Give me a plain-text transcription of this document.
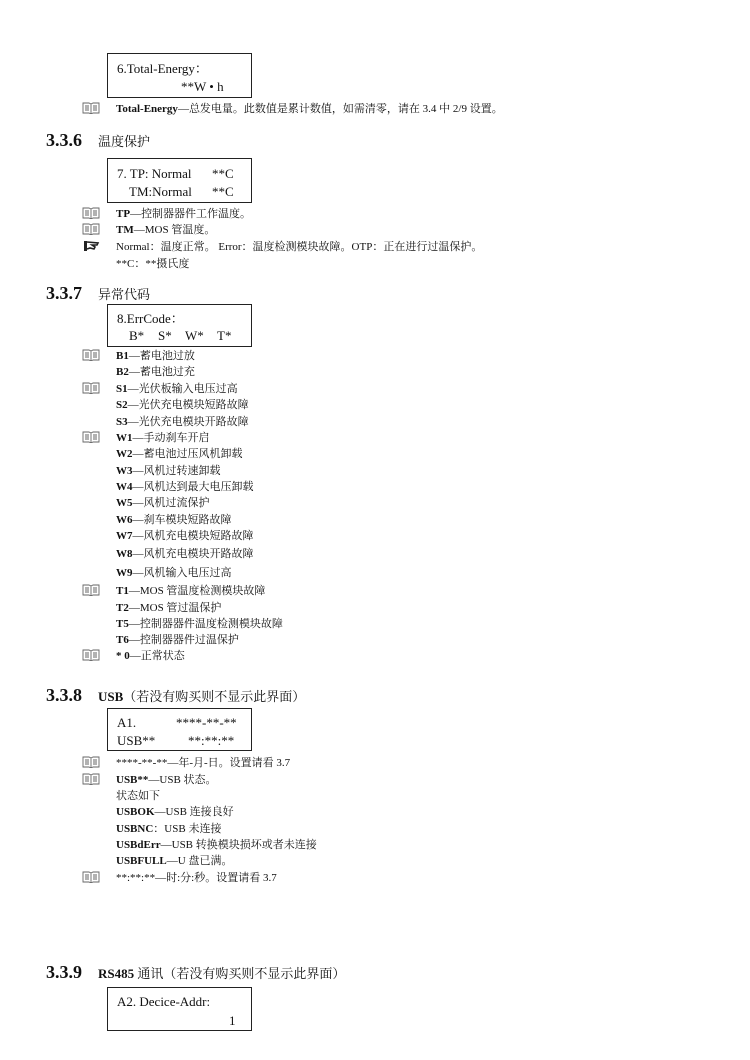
6.Total-Energy：
**W • h
Total-Energy—总发电量。此数值是累计数值，如需清零，请在 3.4 中 2/9 设置。
3.3.6 温度保护
7. TP: Normal **C
TM:Normal **C
TP—控制器器件工作温度。
TM—MOS 管温度。
Normal：温度正常。 Error：温度检测模块故障。OTP：正在进行过温保护。
**C：**摄氏度
3.3.7 异常代码
8.ErrCode：
B* S* W* T*
B1—蓄电池过放
B2—蓄电池过充
S1—光伏板输入电压过高
S2—光伏充电模块短路故障
S3—光伏充电模块开路故障
W1—手动刹车开启
W2—蓄电池过压风机卸载
W3—风机过转速卸载
W4—风机达到最大电压卸载
W5—风机过流保护
W6—刹车模块短路故障
W7—风机充电模块短路故障
W8—风机充电模块开路故障
W9—风机输入电压过高
T1—MOS 管温度检测模块故障
T2—MOS 管过温保护
T5—控制器器件温度检测模块故障
T6—控制器器件过温保护
* 0—正常状态
3.3.8 USB（若没有购买则不显示此界面）
A1.	****-**-**
USB**	**:**:**
****-**-**—年-月-日。设置请看 3.7
USB**—USB 状态。
状态如下
USBOK—USB 连接良好
USBNC：USB 未连接
USBdErr—USB 转换模块损坏或者未连接
USBFULL—U 盘已满。
**:**:**—时:分:秒。设置请看 3.7
3.3.9 RS485 通讯（若没有购买则不显示此界面）
A2. Decice-Addr:
1
